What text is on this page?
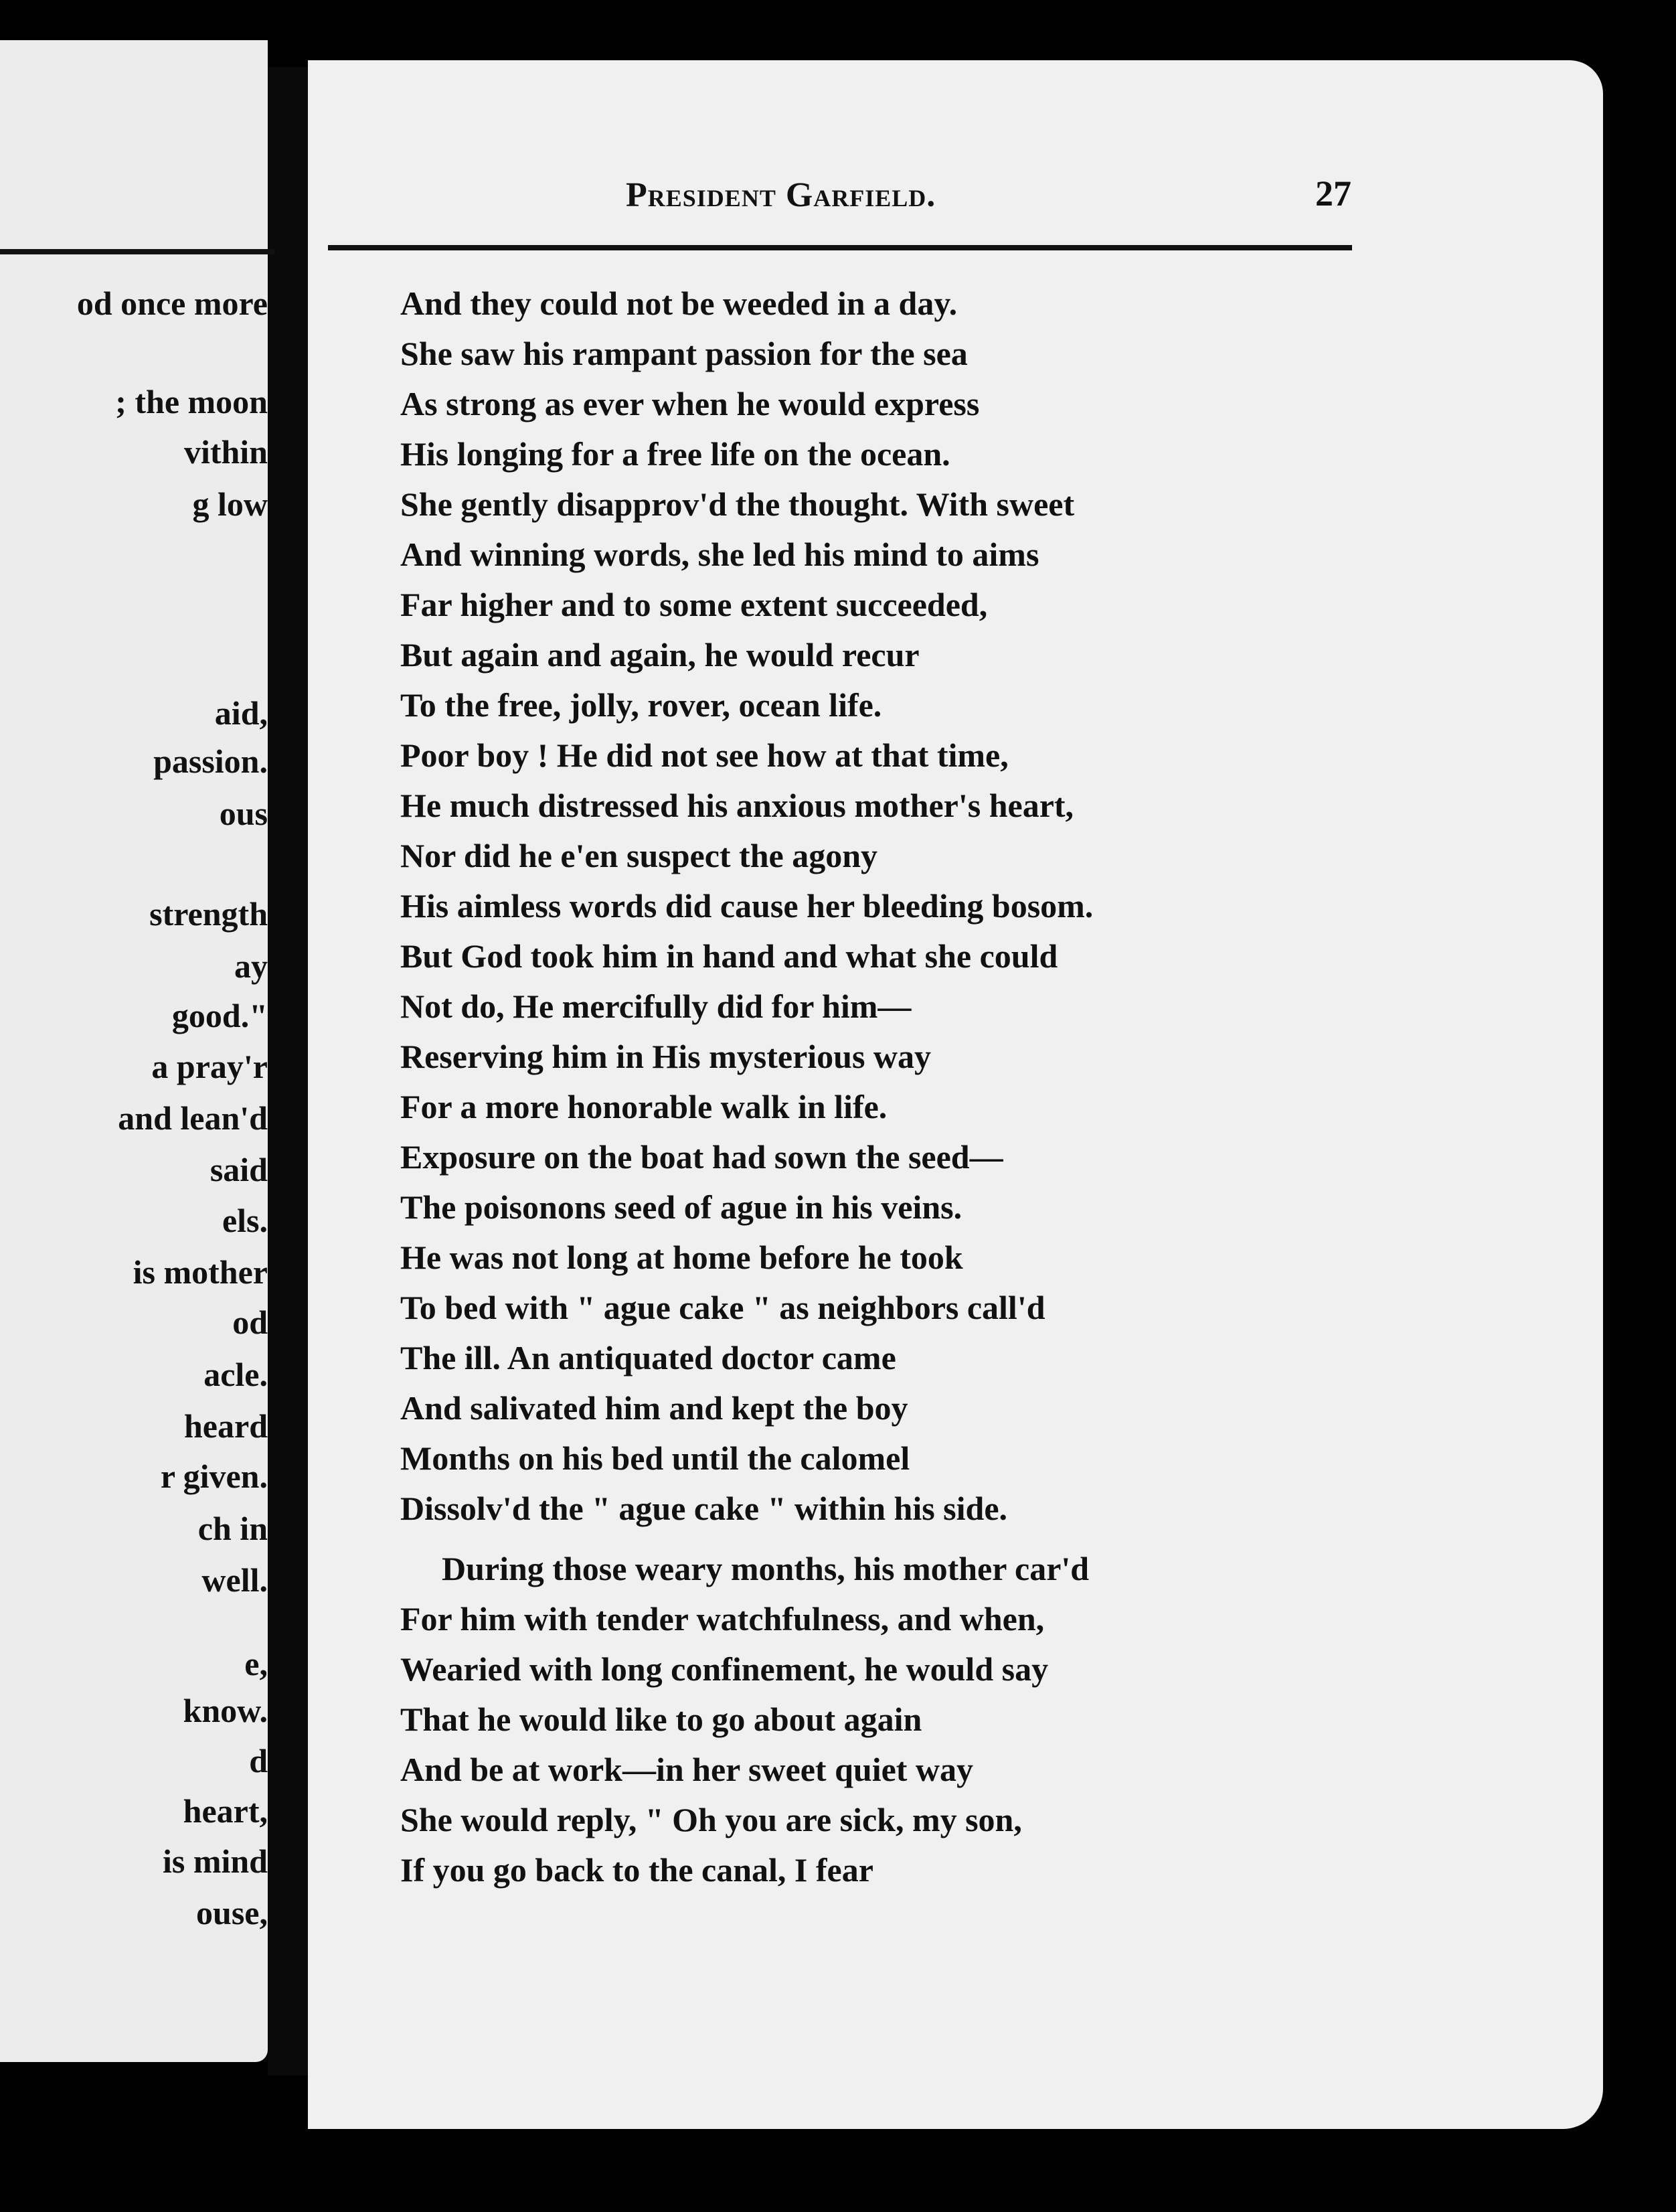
President Garfield.	27
od once more
; the moon
vithin
g low
aid,
passion.
ous
strength
ay
good."
a pray'r
and lean'd
said
els.
is mother
od
acle.
heard
r given.
ch in
well.
e,
know.
d
heart,
is mind
ouse,
And they could not be weeded in a day.
She saw his rampant passion for the sea
As strong as ever when he would express
His longing for a free life on the ocean.
She gently disapprov'd the thought. With sweet
And winning words, she led his mind to aims
Far higher and to some extent succeeded,
But again and again, he would recur
To the free, jolly, rover, ocean life.
Poor boy ! He did not see how at that time,
He much distressed his anxious mother's heart,
Nor did he e'en suspect the agony
His aimless words did cause her bleeding bosom.
But God took him in hand and what she could
Not do, He mercifully did for him—
Reserving him in His mysterious way
For a more honorable walk in life.
Exposure on the boat had sown the seed—
The poisonons seed of ague in his veins.
He was not long at home before he took
To bed with " ague cake " as neighbors call'd
The ill. An antiquated doctor came
And salivated him and kept the boy
Months on his bed until the calomel
Dissolv'd the " ague cake " within his side.
During those weary months, his mother car'd
For him with tender watchfulness, and when,
Wearied with long confinement, he would say
That he would like to go about again
And be at work—in her sweet quiet way
She would reply, " Oh you are sick, my son,
If you go back to the canal, I fear
